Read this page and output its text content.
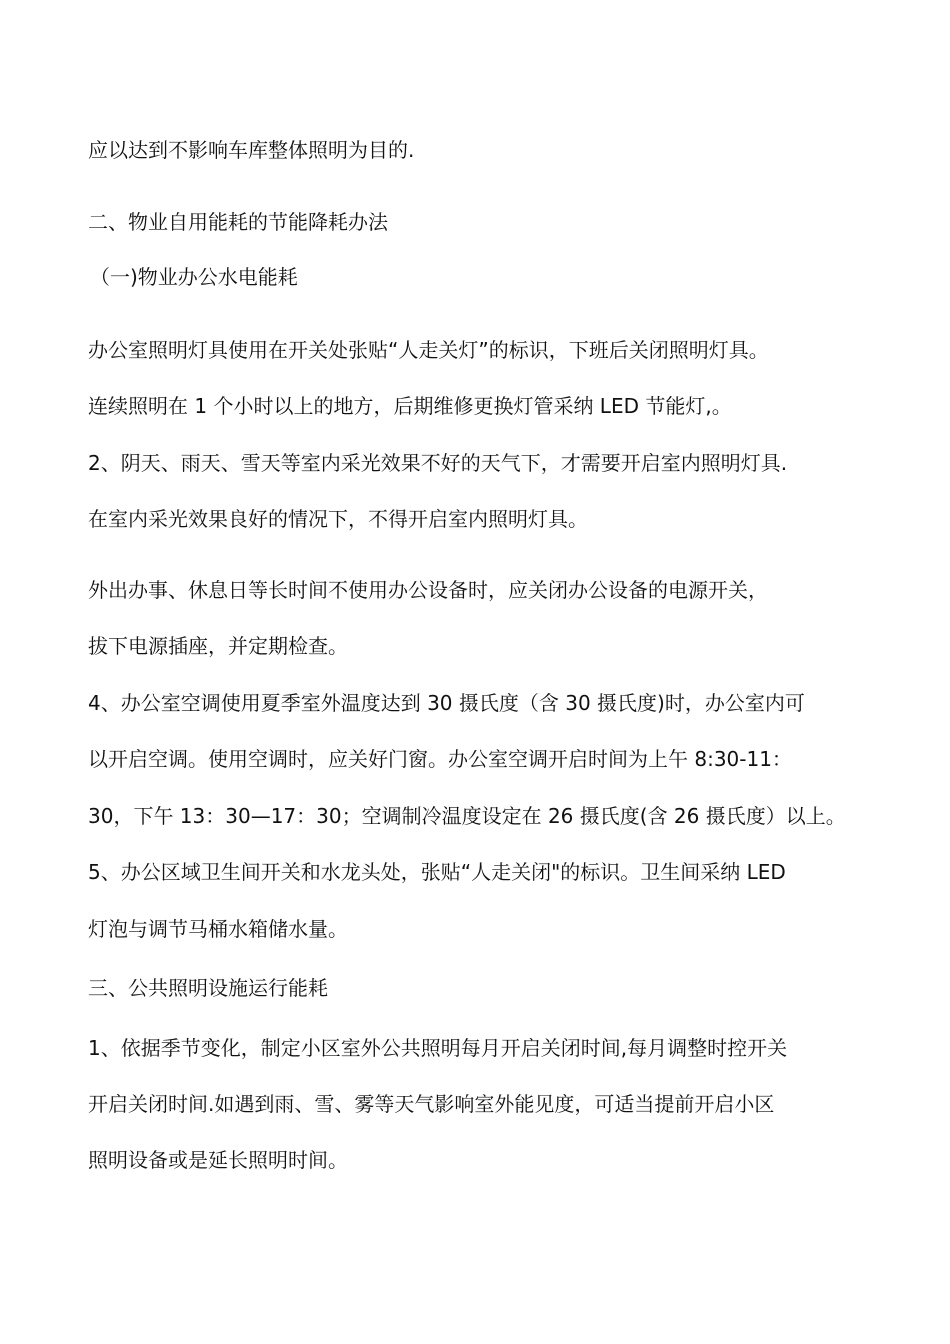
应以达到不影响车库整体照明为目的.
二、物业自用能耗的节能降耗办法
（一)物业办公水电能耗
办公室照明灯具使用在开关处张贴“人走关灯”的标识，下班后关闭照明灯具。
连续照明在 1 个小时以上的地方，后期维修更换灯管采纳 LED 节能灯,。
2、阴天、雨天、雪天等室内采光效果不好的天气下，才需要开启室内照明灯具.
在室内采光效果良好的情况下，不得开启室内照明灯具。
外出办事、休息日等长时间不使用办公设备时，应关闭办公设备的电源开关，
拔下电源插座，并定期检查。
4、办公室空调使用夏季室外温度达到 30 摄氏度（含 30 摄氏度)时，办公室内可
以开启空调。使用空调时，应关好门窗。办公室空调开启时间为上午 8:30-11：
30，下午 13：30—17：30；空调制冷温度设定在 26 摄氏度(含 26 摄氏度）以上。
5、办公区域卫生间开关和水龙头处，张贴“人走关闭"的标识。卫生间采纳 LED
灯泡与调节马桶水箱储水量。
三、公共照明设施运行能耗
1、依据季节变化，制定小区室外公共照明每月开启关闭时间,每月调整时控开关
开启关闭时间.如遇到雨、雪、雾等天气影响室外能见度，可适当提前开启小区
照明设备或是延长照明时间。
